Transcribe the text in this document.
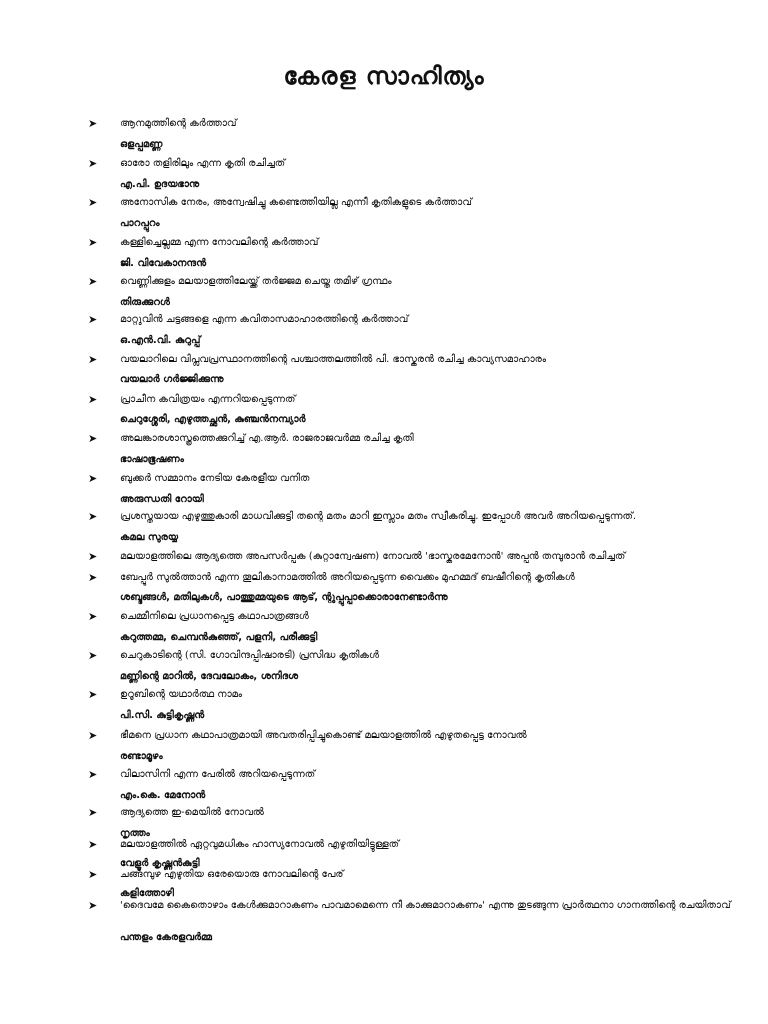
കേരള സാഹിത്യം
➤ ആനമുത്തിന്റെ കർത്താവ്
ഒളപ്പമണ്ണ
➤ ഓരോ തളിരിലും എന്ന കൃതി രചിച്ചത്
എ.പി. ഉദയഭാനു
➤ അനോസിക നേരം, അന്വേഷിച്ചു കണ്ടെത്തിയില്ല എന്നീ കൃതികളുടെ കർത്താവ്
പാറപ്പുറം
➤ കള്ളിച്ചെല്ലമ്മ എന്ന നോവലിന്റെ കർത്താവ്
ജി. വിവേകാനന്ദൻ
➤ വെണ്ണിക്കുളം മലയാളത്തിലേയ്ക്ക് തർജ്ജമ ചെയ്ത തമിഴ് ഗ്രന്ഥം
തിരുക്കുറൾ
➤ മാറ്റുവിൻ ചട്ടങ്ങളെ എന്ന കവിതാസമാഹാരത്തിന്റെ കർത്താവ്
ഒ.എൻ.വി. കുറുപ്പ്
➤ വയലാറിലെ വിപ്ലവപ്രസ്ഥാനത്തിന്റെ പശ്ചാത്തലത്തിൽ പി. ഭാസ്കരൻ രചിച്ച കാവ്യസമാഹാരം
വയലാർ ഗർജ്ജിക്കുന്നു
➤ പ്രാചീന കവിത്രയം എന്നറിയപ്പെടുന്നത്
ചെറുശ്ശേരി, എഴുത്തച്ഛൻ, കുഞ്ചൻനമ്പ്യാർ
➤ അലങ്കാരശാസ്ത്രത്തെക്കുറിച്ച് എ.ആർ. രാജരാജവർമ്മ രചിച്ച കൃതി
ഭാഷാഭൂഷണം
➤ ബുക്കർ സമ്മാനം നേടിയ കേരളീയ വനിത
അരുന്ധതി റോയി
➤ പ്രശസ്തയായ എഴുത്തുകാരി മാധവിക്കുട്ടി തന്റെ മതം മാറി ഇസ്ലാം മതം സ്വീകരിച്ചു. ഇപ്പോൾ അവർ അറിയപ്പെടുന്നത്.
കമല സുരയ്യ
➤ മലയാളത്തിലെ ആദ്യത്തെ അപസർപ്പക (കുറ്റാന്വേഷണ) നോവൽ 'ഭാസ്കരമേനോൻ' അപ്പൻ തമ്പുരാൻ രചിച്ചത്
➤ ബേപ്പൂർ സുൽത്താൻ എന്ന തൂലികാനാമത്തിൽ അറിയപ്പെടുന്ന വൈക്കം മുഹമ്മദ് ബഷീറിന്റെ കൃതികൾ
ശബ്ദങ്ങൾ, മതിലുകൾ, പാത്തുമ്മയുടെ ആട്, ന്റുപ്പുപ്പാക്കൊരാനേണ്ടാർന്നു
➤ ചെമ്മീനിലെ പ്രധാനപ്പെട്ട കഥാപാത്രങ്ങൾ
കറുത്തമ്മ, ചെമ്പൻകുഞ്ഞ്, പളനി, പരീക്കുട്ടി
➤ ചെറുകാടിന്റെ (സി. ഗോവിന്ദപ്പിഷാരടി) പ്രസിദ്ധ കൃതികൾ
മണ്ണിന്റെ മാറിൽ, ദേവലോകം, ശനിദശ
➤ ഉറൂബിന്റെ യഥാർത്ഥ നാമം
പി.സി. കുട്ടികൃഷ്ണൻ
➤ ഭീമനെ പ്രധാന കഥാപാത്രമായി അവതരിപ്പിച്ചുകൊണ്ട് മലയാളത്തിൽ എഴുതപ്പെട്ട നോവൽ
രണ്ടാമൂഴം
➤ വിലാസിനി എന്ന പേരിൽ അറിയപ്പെടുന്നത്
എം.കെ. മേനോൻ
➤ ആദ്യത്തെ ഇ-മെയിൽ നോവൽ
നൃത്തം
➤ മലയാളത്തിൽ ഏറ്റവുമധികം ഹാസ്യനോവൽ എഴുതിയിട്ടുള്ളത്
വേളൂർ കൃഷ്ണൻകുട്ടി
➤ ചങ്ങമ്പുഴ എഴുതിയ ഒരേയൊരു നോവലിന്റെ പേര്
കളിത്തോഴി
➤ 'ദൈവമേ കൈതൊഴാം കേൾക്കുമാറാകണം പാവമാമെന്നെ നീ കാക്കുമാറാകണം' എന്നു തുടങ്ങുന്ന പ്രാർത്ഥനാ ഗാനത്തിന്റെ രചയിതാവ്
പന്തളം കേരളവർമ്മ
